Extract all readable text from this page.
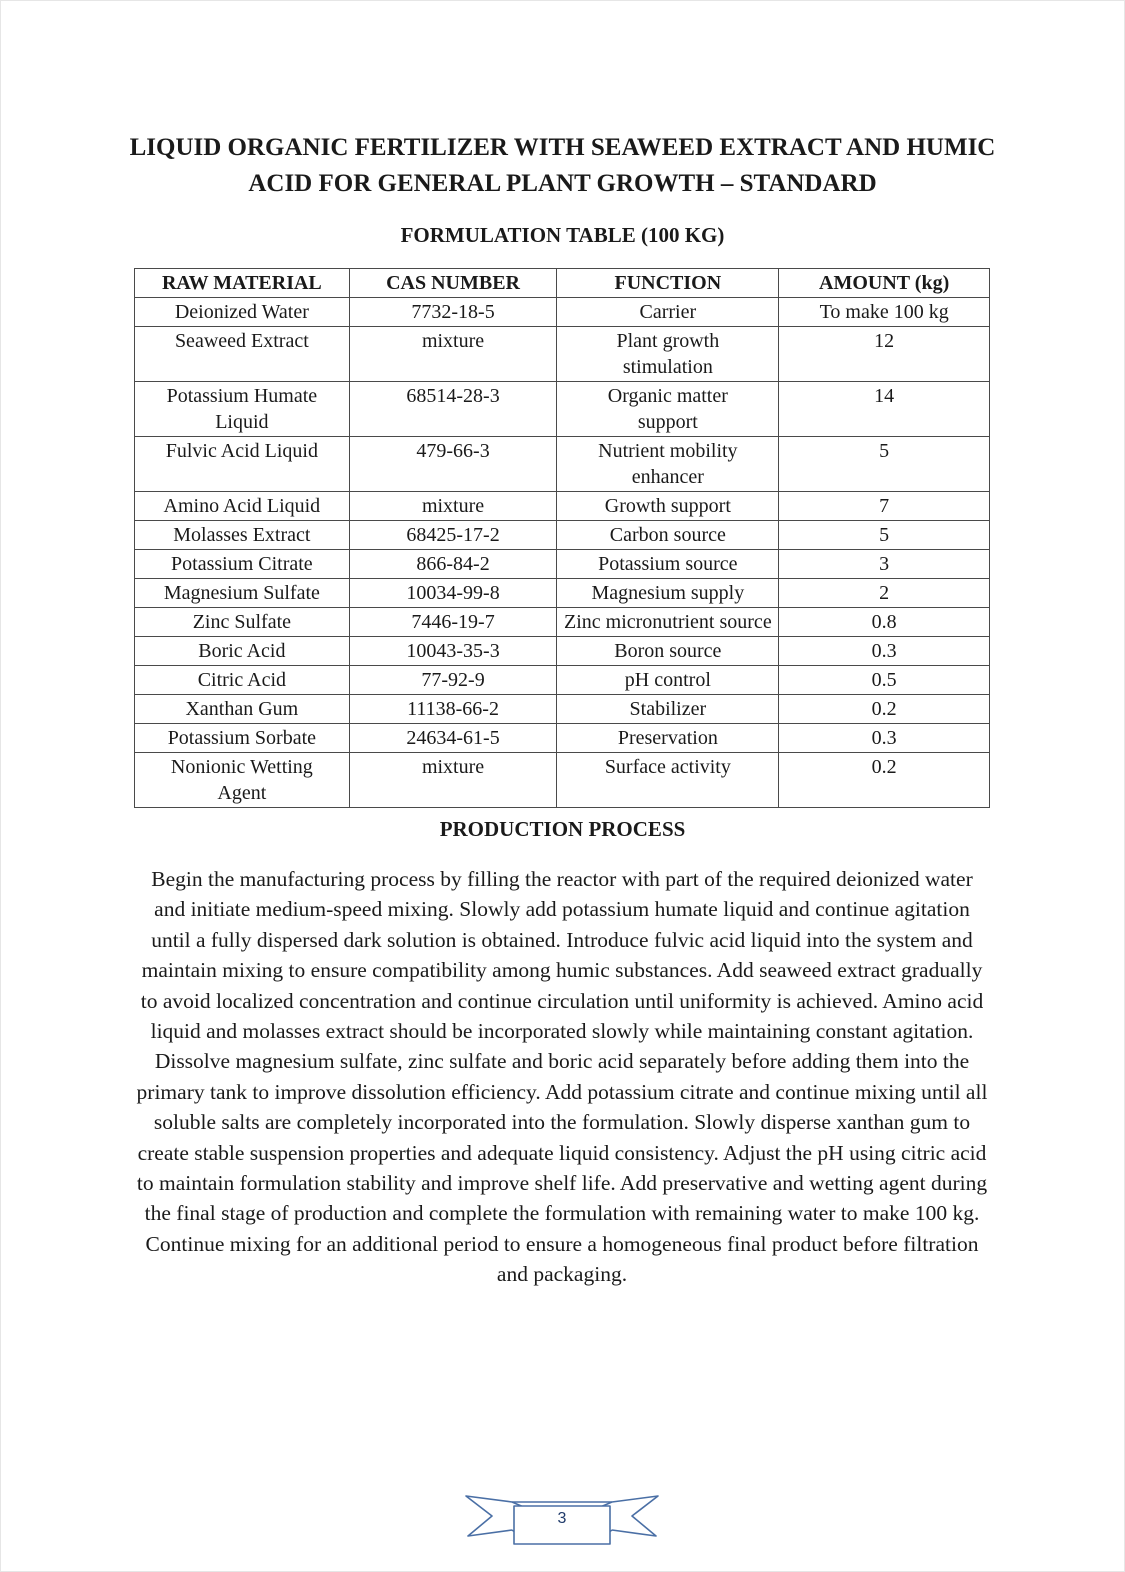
LIQUID ORGANIC FERTILIZER WITH SEAWEED EXTRACT AND HUMIC
ACID FOR GENERAL PLANT GROWTH – STANDARD
FORMULATION TABLE (100 KG)
RAW MATERIAL	CAS NUMBER	FUNCTION	AMOUNT (kg)
Deionized Water	7732-18-5	Carrier	To make 100 kg
Seaweed Extract	mixture	Plant growth stimulation	12
Potassium Humate Liquid	68514-28-3	Organic matter support	14
Fulvic Acid Liquid	479-66-3	Nutrient mobility enhancer	5
Amino Acid Liquid	mixture	Growth support	7
Molasses Extract	68425-17-2	Carbon source	5
Potassium Citrate	866-84-2	Potassium source	3
Magnesium Sulfate	10034-99-8	Magnesium supply	2
Zinc Sulfate	7446-19-7	Zinc micronutrient source	0.8
Boric Acid	10043-35-3	Boron source	0.3
Citric Acid	77-92-9	pH control	0.5
Xanthan Gum	11138-66-2	Stabilizer	0.2
Potassium Sorbate	24634-61-5	Preservation	0.3
Nonionic Wetting Agent	mixture	Surface activity	0.2
PRODUCTION PROCESS

Begin the manufacturing process by filling the reactor with part of the required deionized water and initiate medium-speed mixing. Slowly add potassium humate liquid and continue agitation until a fully dispersed dark solution is obtained. Introduce fulvic acid liquid into the system and maintain mixing to ensure compatibility among humic substances. Add seaweed extract gradually to avoid localized concentration and continue circulation until uniformity is achieved. Amino acid liquid and molasses extract should be incorporated slowly while maintaining constant agitation. Dissolve magnesium sulfate, zinc sulfate and boric acid separately before adding them into the primary tank to improve dissolution efficiency. Add potassium citrate and continue mixing until all soluble salts are completely incorporated into the formulation. Slowly disperse xanthan gum to create stable suspension properties and adequate liquid consistency. Adjust the pH using citric acid to maintain formulation stability and improve shelf life. Add preservative and wetting agent during the final stage of production and complete the formulation with remaining water to make 100 kg. Continue mixing for an additional period to ensure a homogeneous final product before filtration and packaging.

3
